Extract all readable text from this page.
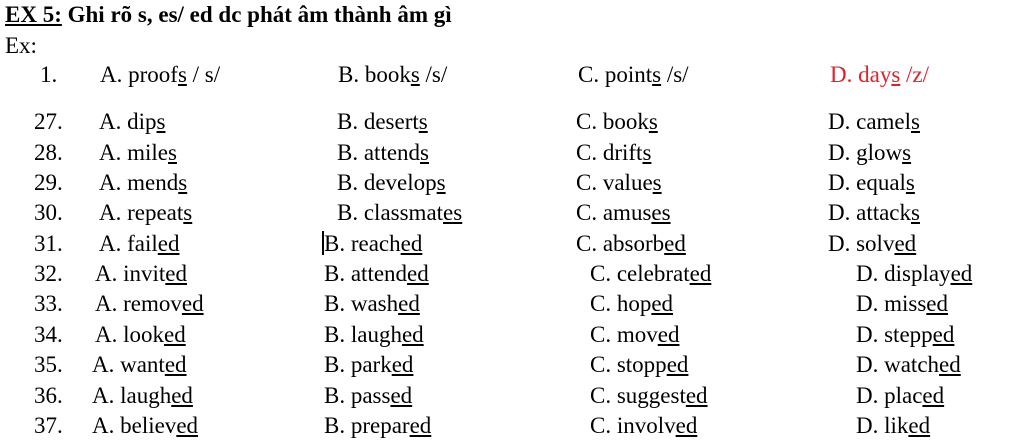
EX 5: Ghi rõ s, es/ ed dc phát âm thành âm gì
Ex:
1. A. proofs / s/	B. books /s/	C. points /s/	D. days /z/
27. A. dips	B. deserts	C. books	D. camels
28. A. miles	B. attends	C. drifts	D. glows
29. A. mends	B. develops	C. values	D. equals
30. A. repeats	B. classmates	C. amuses	D. attacks
31. A. failed	B. reached	C. absorbed	D. solved
32. A. invited	B. attended	C. celebrated	D. displayed
33. A. removed	B. washed	C. hoped	D. missed
34. A. looked	B. laughed	C. moved	D. stepped
35. A. wanted	B. parked	C. stopped	D. watched
36. A. laughed	B. passed	C. suggested	D. placed
37. A. believed	B. prepared	C. involved	D. liked
